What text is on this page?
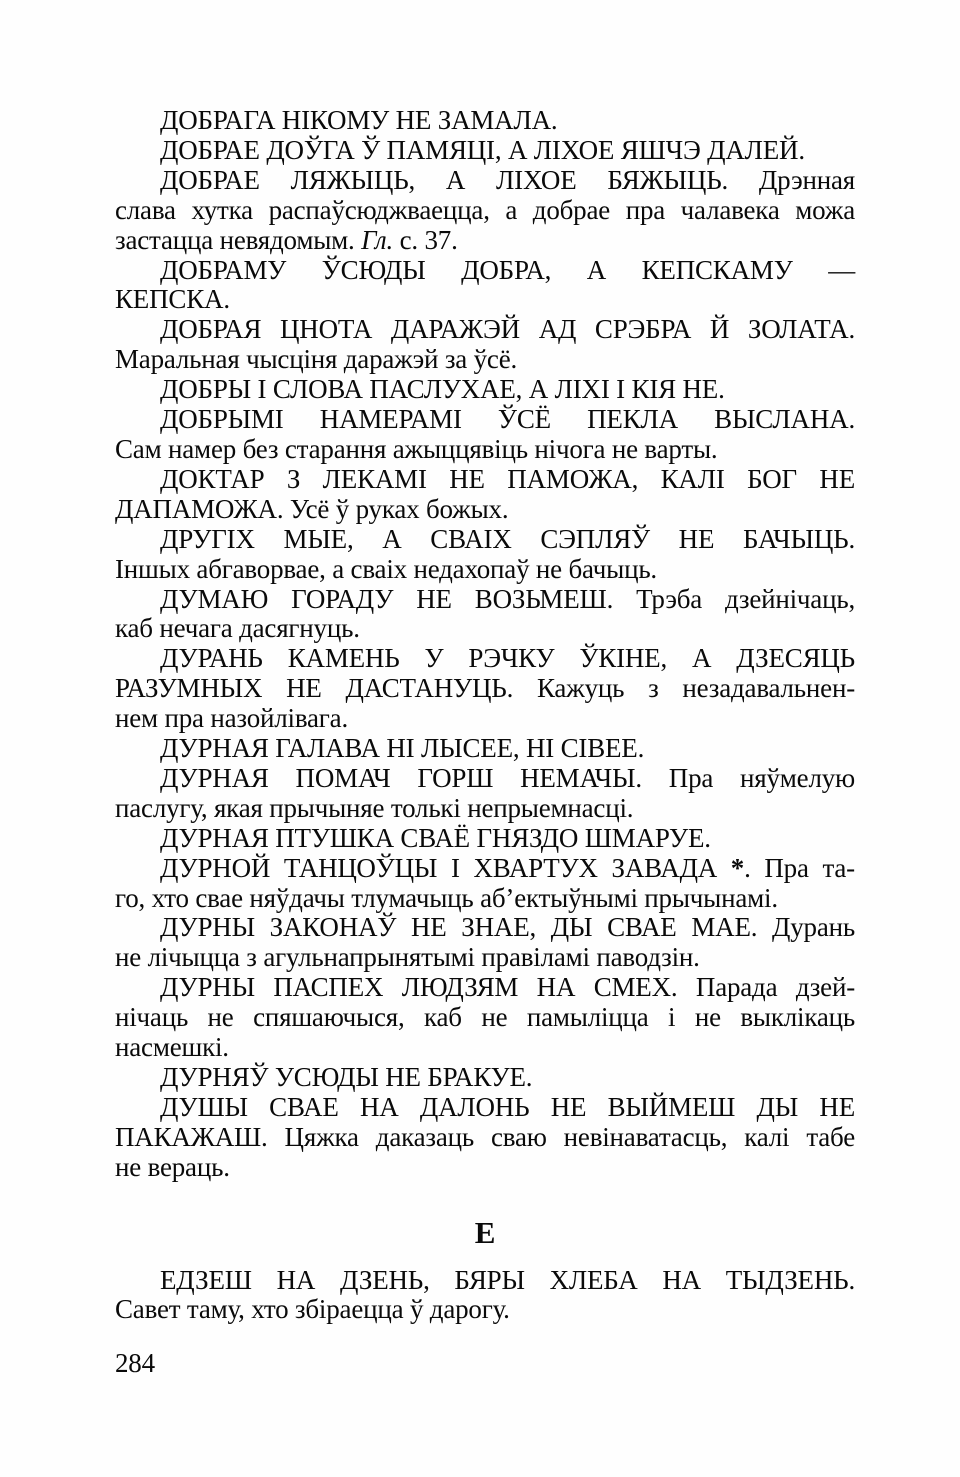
ДОБРАГА НІКОМУ НЕ ЗАМАЛА.
ДОБРАЕ ДОЎГА Ў ПАМЯЦІ, А ЛІХОЕ ЯШЧЭ ДАЛЕЙ.
ДОБРАЕ ЛЯЖЫЦЬ, А ЛІХОЕ БЯЖЫЦЬ. Дрэнная
слава хутка распаўсюджваецца, а добрае пра чалавека можа
застацца невядомым. Гл. с. 37.
ДОБРАМУ ЎСЮДЫ ДОБРА, А КЕПСКАМУ —
КЕПСКА.
ДОБРАЯ ЦНОТА ДАРАЖЭЙ АД СРЭБРА Й ЗОЛАТА.
Маральная чысціня даражэй за ўсё.
ДОБРЫ І СЛОВА ПАСЛУХАЕ, А ЛІХІ І КІЯ НЕ.
ДОБРЫМІ НАМЕРАМІ ЎСЁ ПЕКЛА ВЫСЛАНА.
Сам намер без старання ажыццявіць нічога не варты.
ДОКТАР З ЛЕКАМІ НЕ ПАМОЖА, КАЛІ БОГ НЕ
ДАПАМОЖА. Усё ў руках божых.
ДРУГІХ МЫЕ, А СВАІХ СЭПЛЯЎ НЕ БАЧЫЦЬ.
Іншых абгаворвае, а сваіх недахопаў не бачыць.
ДУМАЮ ГОРАДУ НЕ ВОЗЬМЕШ. Трэба дзейнічаць,
каб нечага дасягнуць.
ДУРАНЬ КАМЕНЬ У РЭЧКУ ЎКІНЕ, А ДЗЕСЯЦЬ
РАЗУМНЫХ НЕ ДАСТАНУЦЬ. Кажуць з незадавальнен-
нем пра назойлівага.
ДУРНАЯ ГАЛАВА НІ ЛЫСЕЕ, НІ СІВЕЕ.
ДУРНАЯ ПОМАЧ ГОРШ НЕМАЧЫ. Пра няўмелую
паслугу, якая прычыняе толькі непрыемнасці.
ДУРНАЯ ПТУШКА СВАЁ ГНЯЗДО ШМАРУЕ.
ДУРНОЙ ТАНЦОЎЦЫ І ХВАРТУХ ЗАВАДА *. Пра та-
го, хто свае няўдачы тлумачыць аб’ектыўнымі прычынамі.
ДУРНЫ ЗАКОНАЎ НЕ ЗНАЕ, ДЫ СВАЕ МАЕ. Дурань
не лічыцца з агульнапрынятымі правіламі паводзін.
ДУРНЫ ПАСПЕХ ЛЮДЗЯМ НА СМЕХ. Парада дзей-
нічаць не спяшаючыся, каб не памыліцца і не выклікаць
насмешкі.
ДУРНЯЎ УСЮДЫ НЕ БРАКУЕ.
ДУШЫ СВАЕ НА ДАЛОНЬ НЕ ВЫЙМЕШ ДЫ НЕ
ПАКАЖАШ. Цяжка даказаць сваю невінаватасць, калі табе
не вераць.
Е
ЕДЗЕШ НА ДЗЕНЬ, БЯРЫ ХЛЕБА НА ТЫДЗЕНЬ.
Савет таму, хто збіраецца ў дарогу.
284
